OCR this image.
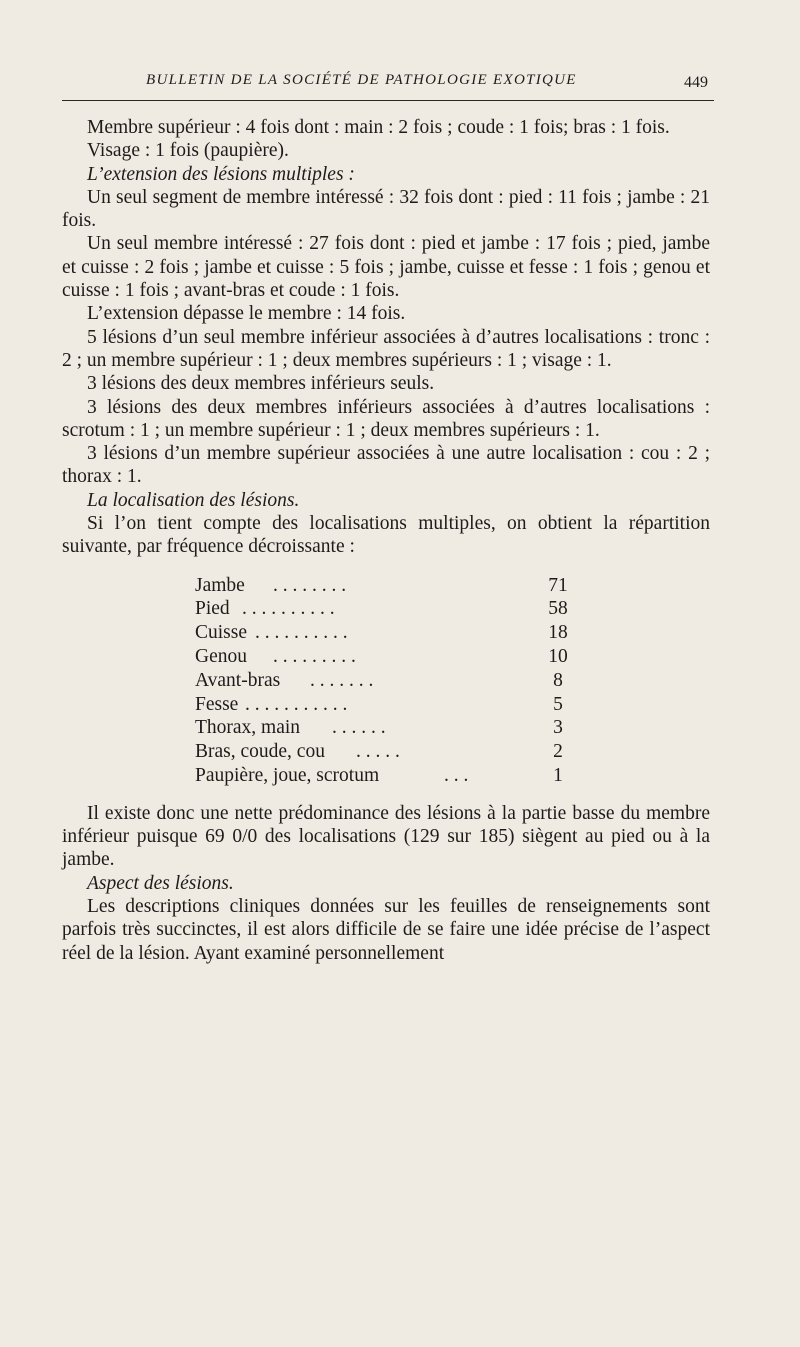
BULLETIN DE LA SOCIÉTÉ DE PATHOLOGIE EXOTIQUE	449

Membre supérieur : 4 fois dont : main : 2 fois ; coude : 1 fois; bras : 1 fois.

Visage : 1 fois (paupière).

L’extension des lésions multiples :

Un seul segment de membre intéressé : 32 fois dont : pied : 11 fois ; jambe : 21 fois.

Un seul membre intéressé : 27 fois dont : pied et jambe : 17 fois ; pied, jambe et cuisse : 2 fois ; jambe et cuisse : 5 fois ; jambe, cuisse et fesse : 1 fois ; genou et cuisse : 1 fois ; avant-bras et coude : 1 fois.

L’extension dépasse le membre : 14 fois.

5 lésions d’un seul membre inférieur associées à d’autres localisations : tronc : 2 ; un membre supérieur : 1 ; deux membres supérieurs : 1 ; visage : 1.

3 lésions des deux membres inférieurs seuls.

3 lésions des deux membres inférieurs associées à d’autres localisations : scrotum : 1 ; un membre supérieur : 1 ; deux membres supérieurs : 1.

3 lésions d’un membre supérieur associées à une autre localisation : cou : 2 ; thorax : 1.

La localisation des lésions.

Si l’on tient compte des localisations multiples, on obtient la répartition suivante, par fréquence décroissante :

Jambe . . . . . . . .	71
Pied . . . . . . . . . .	58
Cuisse . . . . . . . . . .	18
Genou . . . . . . . . .	10
Avant-bras . . . . . . .	8
Fesse . . . . . . . . . . .	5
Thorax, main . . . . . .	3
Bras, coude, cou . . . . .	2
Paupière, joue, scrotum	. . .	1

Il existe donc une nette prédominance des lésions à la partie basse du membre inférieur puisque 69 0/0 des localisations (129 sur 185) siègent au pied ou à la jambe.

Aspect des lésions.

Les descriptions cliniques données sur les feuilles de renseignements sont parfois très succinctes, il est alors difficile de se faire une idée précise de l’aspect réel de la lésion. Ayant examiné personnellement
